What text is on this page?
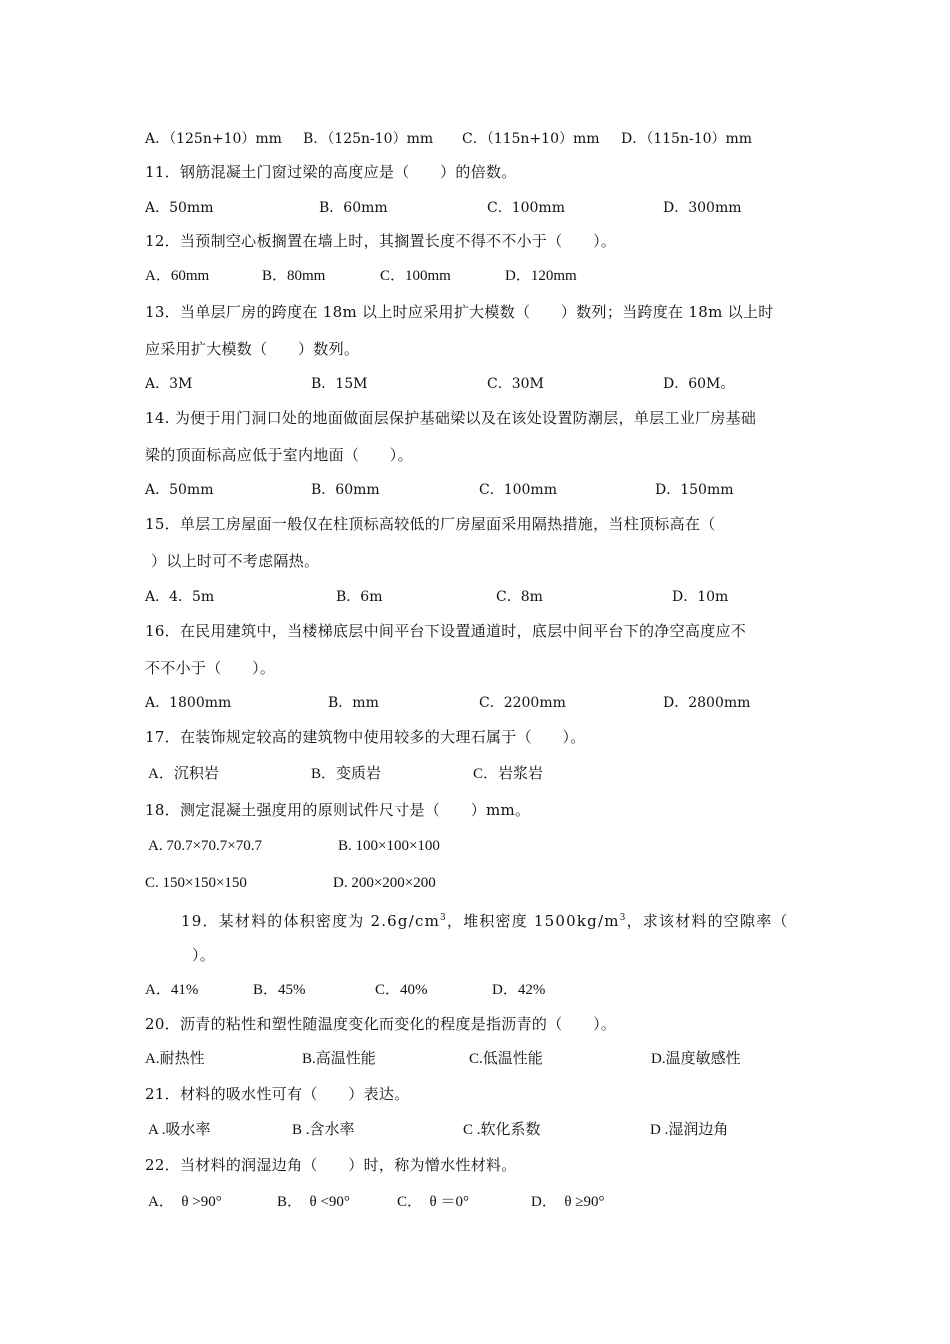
A．（125n+10）mm B．（125n-10）mm C．（115n+10）mm D．（115n-10）mm
11．钢筋混凝土门窗过梁的高度应是（　　）的倍数。
A．50mm	B．60mm	C．100mm	D．300mm
12．当预制空心板搁置在墙上时，其搁置长度不得不不小于（　　）。
A．60mm	B．80mm	C．100mm	D．120mm
13．当单层厂房的跨度在 18m 以上时应采用扩大模数（　　）数列；当跨度在 18m 以上时
应采用扩大模数（　　）数列。
A．3M	B．15M	C．30M	D．60M。
14. 为便于用门洞口处的地面做面层保护基础梁以及在该处设置防潮层，单层工业厂房基础
梁的顶面标高应低于室内地面（　　）。
A．50mm	B．60mm	C．100mm	D．150mm
15．单层工房屋面一般仅在柱顶标高较低的厂房屋面采用隔热措施，当柱顶标高在（
）以上时可不考虑隔热。
A．4．5m	B．6m	C．8m	D．10m
16．在民用建筑中，当楼梯底层中间平台下设置通道时，底层中间平台下的净空高度应不
不不小于（　　）。
A．1800mm	B．mm	C．2200mm	D．2800mm
17．在装饰规定较高的建筑物中使用较多的大理石属于（　　）。
A．沉积岩	B．变质岩	C．岩浆岩
18．测定混凝土强度用的原则试件尺寸是（　　）mm。
A. 70.7×70.7×70.7	B. 100×100×100
C. 150×150×150	D. 200×200×200
19．某材料的体积密度为 $2.6g/cm^3$，堆积密度 $1500kg/m^3$，求该材料的空隙率（
）。
A．41%	B．45%	C．40%	D．42%
20．沥青的粘性和塑性随温度变化而变化的程度是指沥青的（　　）。
A.耐热性	B.高温性能	C.低温性能	D.温度敏感性
21．材料的吸水性可有（　　）表达。
A .吸水率	B .含水率	C .软化系数	D .湿润边角
22．当材料的润湿边角（　　）时，称为憎水性材料。
A．　θ >90°	B．　θ <90°	C．　θ ＝0°	D．　θ ≥90°
